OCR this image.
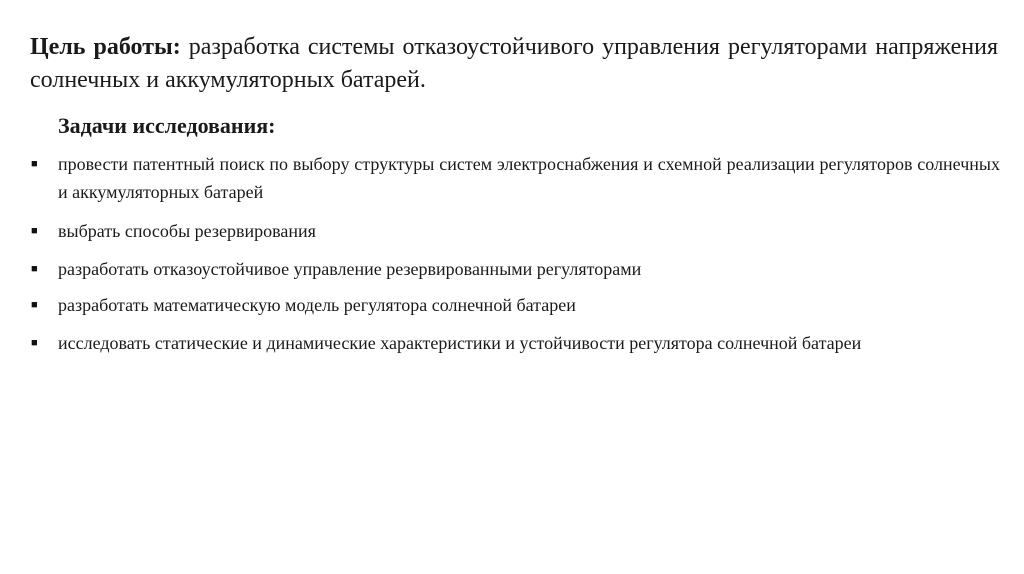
Цель работы: разработка системы отказоустойчивого управления регуляторами напряжения солнечных и аккумуляторных батарей.
Задачи исследования:
■ провести патентный поиск по выбору структуры систем электроснабжения и схемной реализации регуляторов солнечных и аккумуляторных батарей
■ выбрать способы резервирования
■ разработать отказоустойчивое управление резервированными регуляторами
■ разработать математическую модель регулятора солнечной батареи
■ исследовать статические и динамические характеристики и устойчивости регулятора солнечной батареи
